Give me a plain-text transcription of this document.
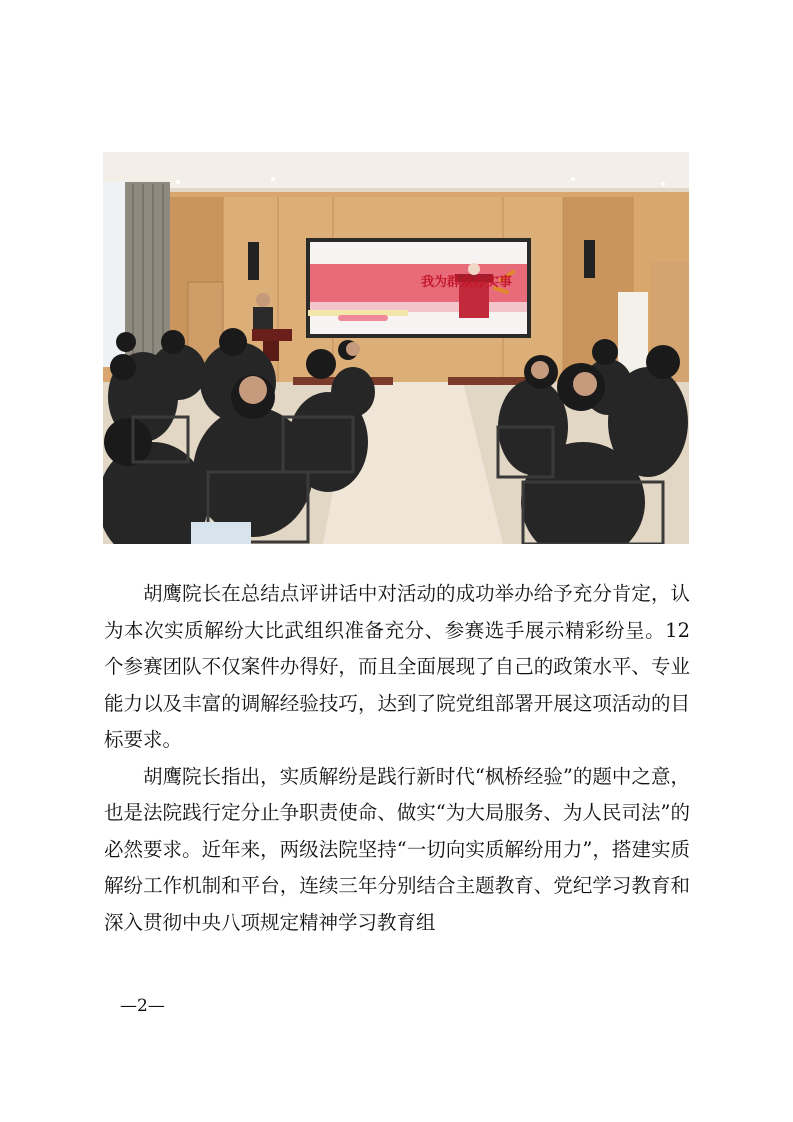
我为群众办实事

胡鹰院长在总结点评讲话中对活动的成功举办给予充分肯定，认为本次实质解纷大比武组织准备充分、参赛选手展示精彩纷呈。12个参赛团队不仅案件办得好，而且全面展现了自己的政策水平、专业能力以及丰富的调解经验技巧，达到了院党组部署开展这项活动的目标要求。

胡鹰院长指出，实质解纷是践行新时代“枫桥经验”的题中之意，也是法院践行定分止争职责使命、做实“为大局服务、为人民司法”的必然要求。近年来，两级法院坚持“一切向实质解纷用力”，搭建实质解纷工作机制和平台，连续三年分别结合主题教育、党纪学习教育和深入贯彻中央八项规定精神学习教育组

—2—
